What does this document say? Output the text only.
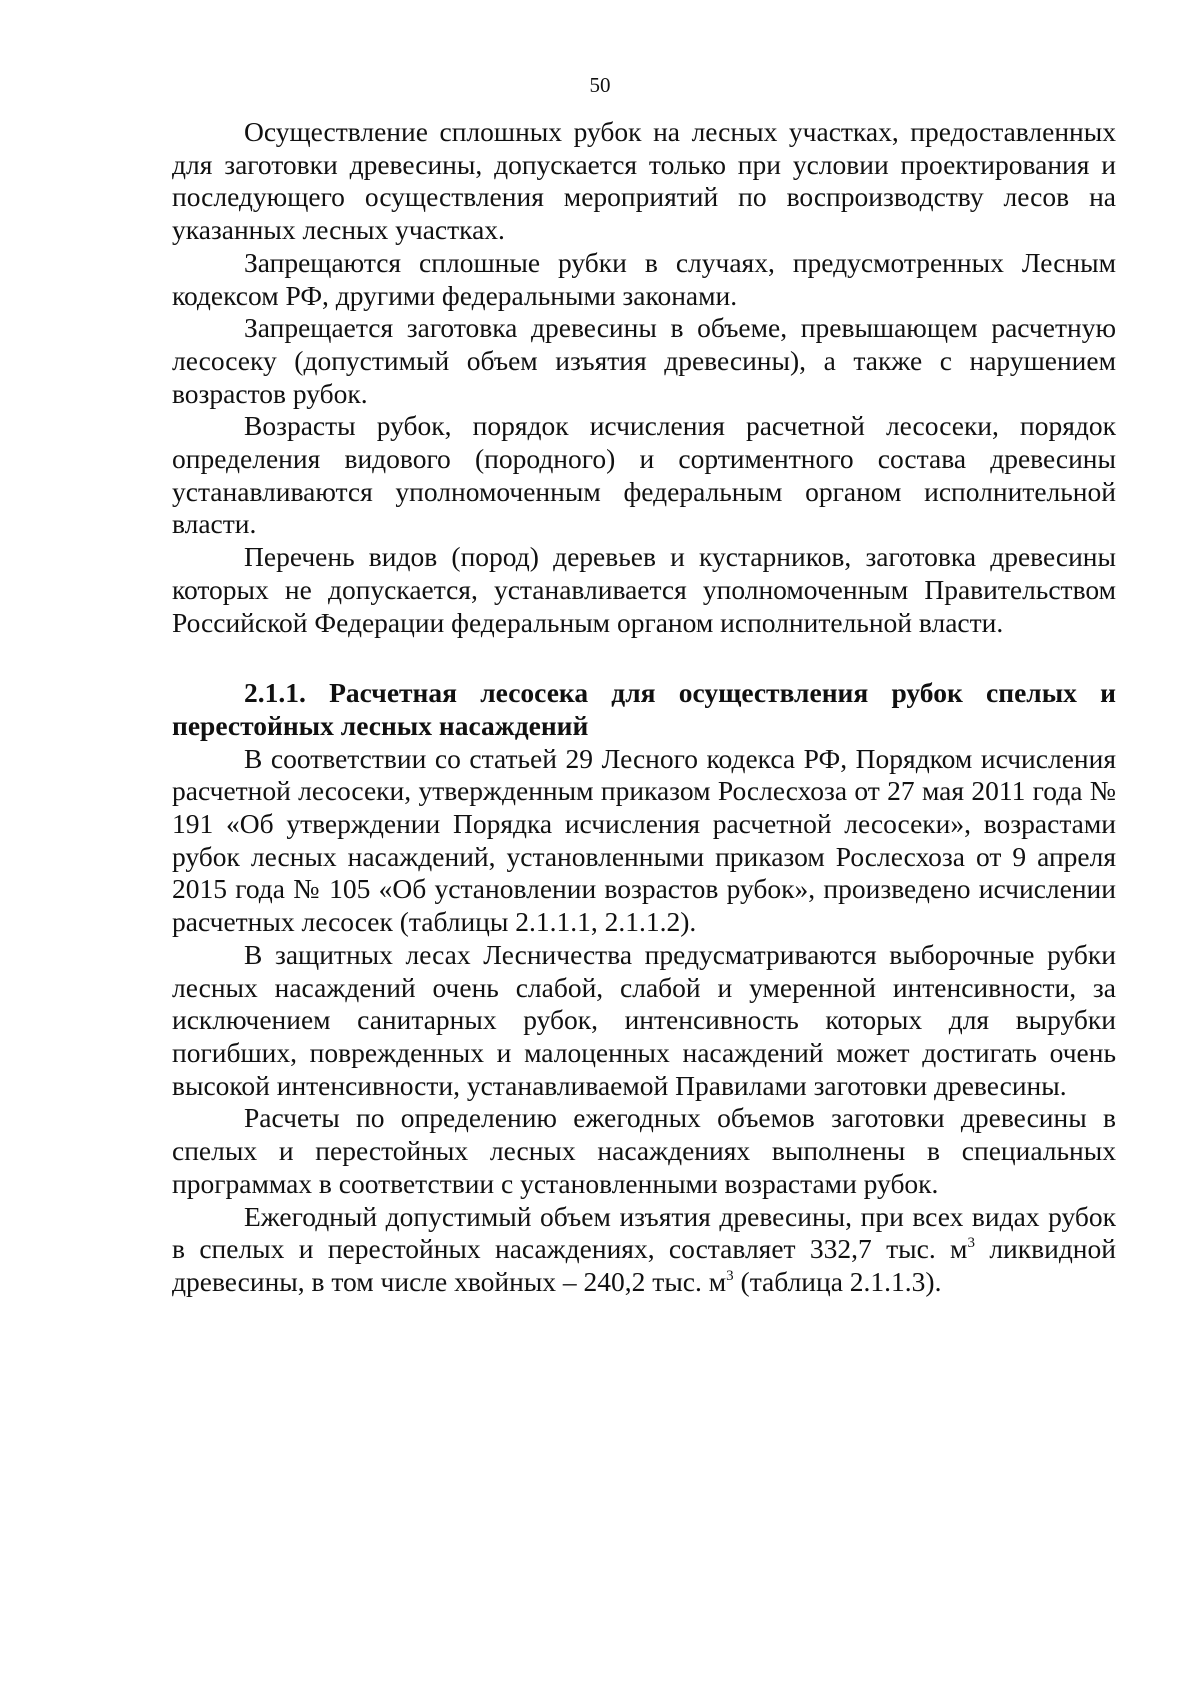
50

Осуществление сплошных рубок на лесных участках, предоставленных для заготовки древесины, допускается только при условии проектирования и последующего осуществления мероприятий по воспроизводству лесов на указанных лесных участках.

Запрещаются сплошные рубки в случаях, предусмотренных Лесным кодексом РФ, другими федеральными законами.

Запрещается заготовка древесины в объеме, превышающем расчетную лесосеку (допустимый объем изъятия древесины), а также с нарушением возрастов рубок.

Возрасты рубок, порядок исчисления расчетной лесосеки, порядок определения видового (породного) и сортиментного состава древесины устанавливаются уполномоченным федеральным органом исполнительной власти.

Перечень видов (пород) деревьев и кустарников, заготовка древесины которых не допускается, устанавливается уполномоченным Правительством Российской Федерации федеральным органом исполнительной власти.

2.1.1. Расчетная лесосека для осуществления рубок спелых и перестойных лесных насаждений

В соответствии со статьей 29 Лесного кодекса РФ, Порядком исчисления расчетной лесосеки, утвержденным приказом Рослесхоза от 27 мая 2011 года № 191 «Об утверждении Порядка исчисления расчетной лесосеки», возрастами рубок лесных насаждений, установленными приказом Рослесхоза от 9 апреля 2015 года № 105 «Об установлении возрастов рубок», произведено исчислении расчетных лесосек (таблицы 2.1.1.1, 2.1.1.2).

В защитных лесах Лесничества предусматриваются выборочные рубки лесных насаждений очень слабой, слабой и умеренной интенсивности, за исключением санитарных рубок, интенсивность которых для вырубки погибших, поврежденных и малоценных насаждений может достигать очень высокой интенсивности, устанавливаемой Правилами заготовки древесины.

Расчеты по определению ежегодных объемов заготовки древесины в спелых и перестойных лесных насаждениях выполнены в специальных программах в соответствии с установленными возрастами рубок.

Ежегодный допустимый объем изъятия древесины, при всех видах рубок в спелых и перестойных насаждениях, составляет 332,7 тыс. $м^3$ ликвидной древесины, в том числе хвойных – 240,2 тыс. $м^3$ (таблица 2.1.1.3).
